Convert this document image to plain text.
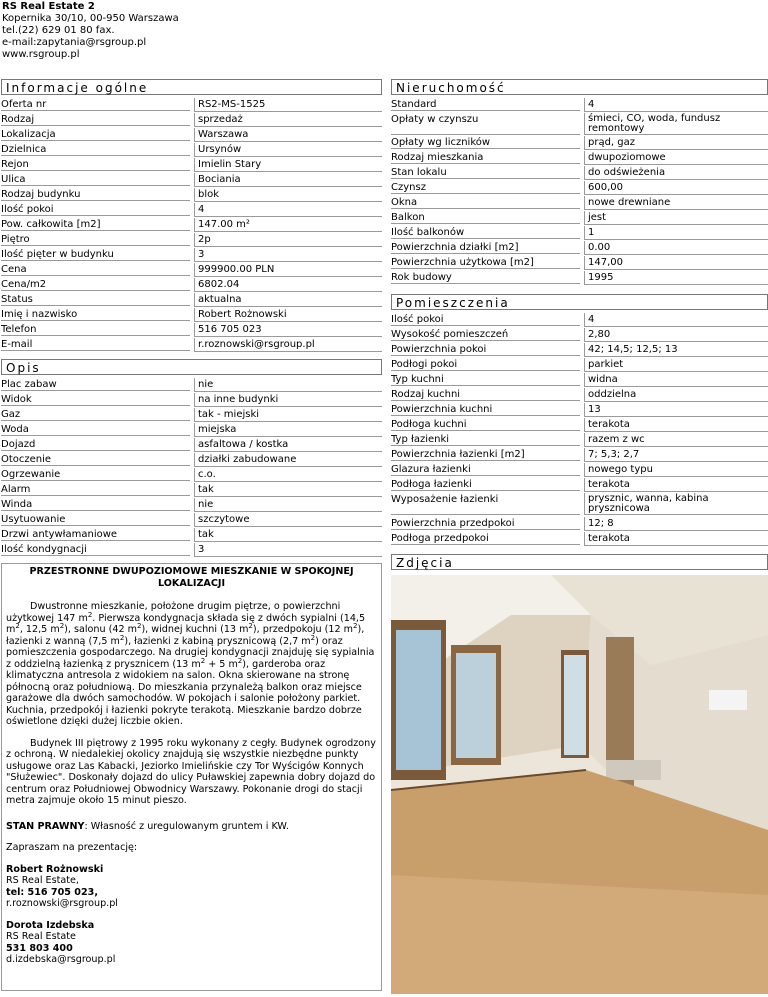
RS Real Estate 2
Kopernika 30/10, 00-950 Warszawa
tel.(22) 629 01 80 fax.
e-mail:zapytania@rsgroup.pl
www.rsgroup.pl
Informacje ogólne	Nieruchomość
Opis
Pomieszczenia
Zdjęcia
Oferta nr	RS2-MS-1525
Rodzaj	sprzedaż
Lokalizacja	Warszawa
Dzielnica	Ursynów
Rejon	Imielin Stary
Ulica	Bociania
Rodzaj budynku	blok
Ilość pokoi	4
Pow. całkowita [m2]	147.00 m²
Piętro	2p
Ilość pięter w budynku	3
Cena	999900.00 PLN
Cena/m2	6802.04
Status	aktualna
Imię i nazwisko	Robert Rożnowski
Telefon	516 705 023
E-mail	r.roznowski@rsgroup.pl
Plac zabaw	nie
Widok	na inne budynki
Gaz	tak - miejski
Woda	miejska
Dojazd	asfaltowa / kostka
Otoczenie	działki zabudowane
Ogrzewanie	c.o.
Alarm	tak
Winda	nie
Usytuowanie	szczytowe
Drzwi antywłamaniowe	tak
Ilość kondygnacji	3
Standard	4
Opłaty w czynszu	śmieci, CO, woda, fundusz remontowy
Opłaty wg liczników	prąd, gaz
Rodzaj mieszkania	dwupoziomowe
Stan lokalu	do odświeżenia
Czynsz	600,00
Okna	nowe drewniane
Balkon	jest
Ilość balkonów	1
Powierzchnia działki [m2]	0.00
Powierzchnia użytkowa [m2]	147,00
Rok budowy	1995
Ilość pokoi	4
Wysokość pomieszczeń	2,80
Powierzchnia pokoi	42; 14,5; 12,5; 13
Podłogi pokoi	parkiet
Typ kuchni	widna
Rodzaj kuchni	oddzielna
Powierzchnia kuchni	13
Podłoga kuchni	terakota
Typ łazienki	razem z wc
Powierzchnia łazienki [m2]	7; 5,3; 2,7
Glazura łazienki	nowego typu
Podłoga łazienki	terakota
Wyposażenie łazienki	prysznic, wanna, kabina prysznicowa
Powierzchnia przedpokoi	12; 8
Podłoga przedpokoi	terakota
PRZESTRONNE DWUPOZIOMOWE MIESZKANIE W SPOKOJNEJ LOKALIZACJI

Dwustronne mieszkanie, położone drugim piętrze, o powierzchni użytkowej 147 $m^2$. Pierwsza kondygnacja składa się z dwóch sypialni (14,5 $m^2$, 12,5 $m^2$), salonu (42 $m^2$), widnej kuchni (13 $m^2$), przedpokoju (12 $m^2$), łazienki z wanną (7,5 $m^2$), łazienki z kabiną prysznicową (2,7 $m^2$) oraz pomieszczenia gospodarczego. Na drugiej kondygnacji znajduję się sypialnia z oddzielną łazienką z prysznicem (13 $m^2 + 5$ $m^2$), garderoba oraz klimatyczna antresola z widokiem na salon. Okna skierowane na stronę północną oraz południową. Do mieszkania przynależą balkon oraz miejsce garażowe dla dwóch samochodów. W pokojach i salonie położony parkiet. Kuchnia, przedpokój i łazienki pokryte terakotą. Mieszkanie bardzo dobrze oświetlone dzięki dużej liczbie okien.

Budynek III piętrowy z 1995 roku wykonany z cegły. Budynek ogrodzony z ochroną. W niedalekiej okolicy znajdują się wszystkie niezbędne punkty usługowe oraz Las Kabacki, Jeziorko Imielińskie czy Tor Wyścigów Konnych "Służewiec". Doskonały dojazd do ulicy Puławskiej zapewnia dobry dojazd do centrum oraz Południowej Obwodnicy Warszawy. Pokonanie drogi do stacji metra zajmuje około 15 minut pieszo.

STAN PRAWNY: Własność z uregulowanym gruntem i KW.

Zapraszam na prezentację:

Robert Rożnowski
RS Real Estate,
tel: 516 705 023,
r.roznowski@rsgroup.pl

Dorota Izdebska
RS Real Estate
531 803 400
d.izdebska@rsgroup.pl
